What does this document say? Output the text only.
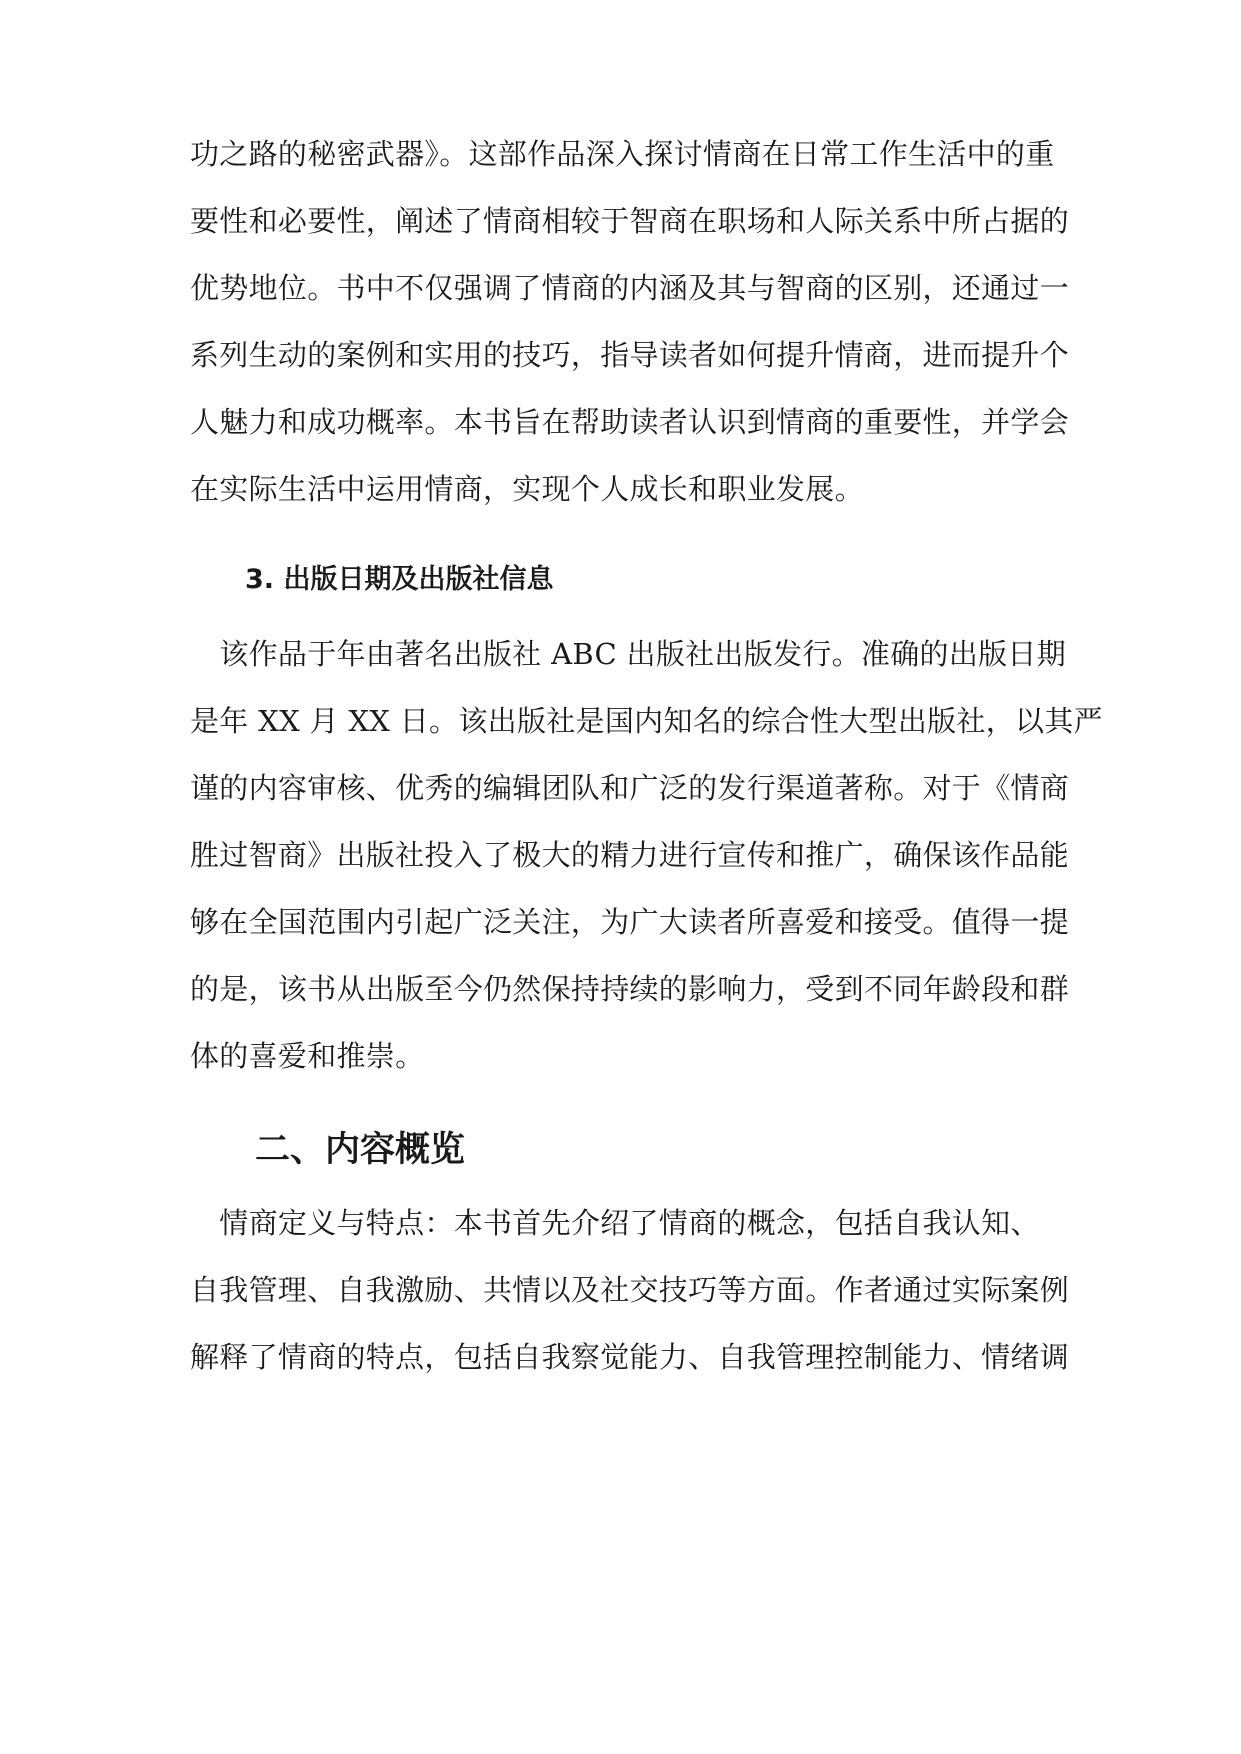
功之路的秘密武器》。这部作品深入探讨情商在日常工作生活中的重
要性和必要性，阐述了情商相较于智商在职场和人际关系中所占据的
优势地位。书中不仅强调了情商的内涵及其与智商的区别，还通过一
系列生动的案例和实用的技巧，指导读者如何提升情商，进而提升个
人魅力和成功概率。本书旨在帮助读者认识到情商的重要性，并学会
在实际生活中运用情商，实现个人成长和职业发展。
3. 出版日期及出版社信息
　该作品于年由著名出版社 ABC 出版社出版发行。准确的出版日期
是年 XX 月 XX 日。该出版社是国内知名的综合性大型出版社，以其严
谨的内容审核、优秀的编辑团队和广泛的发行渠道著称。对于《情商
胜过智商》出版社投入了极大的精力进行宣传和推广，确保该作品能
够在全国范围内引起广泛关注，为广大读者所喜爱和接受。值得一提
的是，该书从出版至今仍然保持持续的影响力，受到不同年龄段和群
体的喜爱和推崇。
二、内容概览
　情商定义与特点：本书首先介绍了情商的概念，包括自我认知、
自我管理、自我激励、共情以及社交技巧等方面。作者通过实际案例
解释了情商的特点，包括自我察觉能力、自我管理控制能力、情绪调
